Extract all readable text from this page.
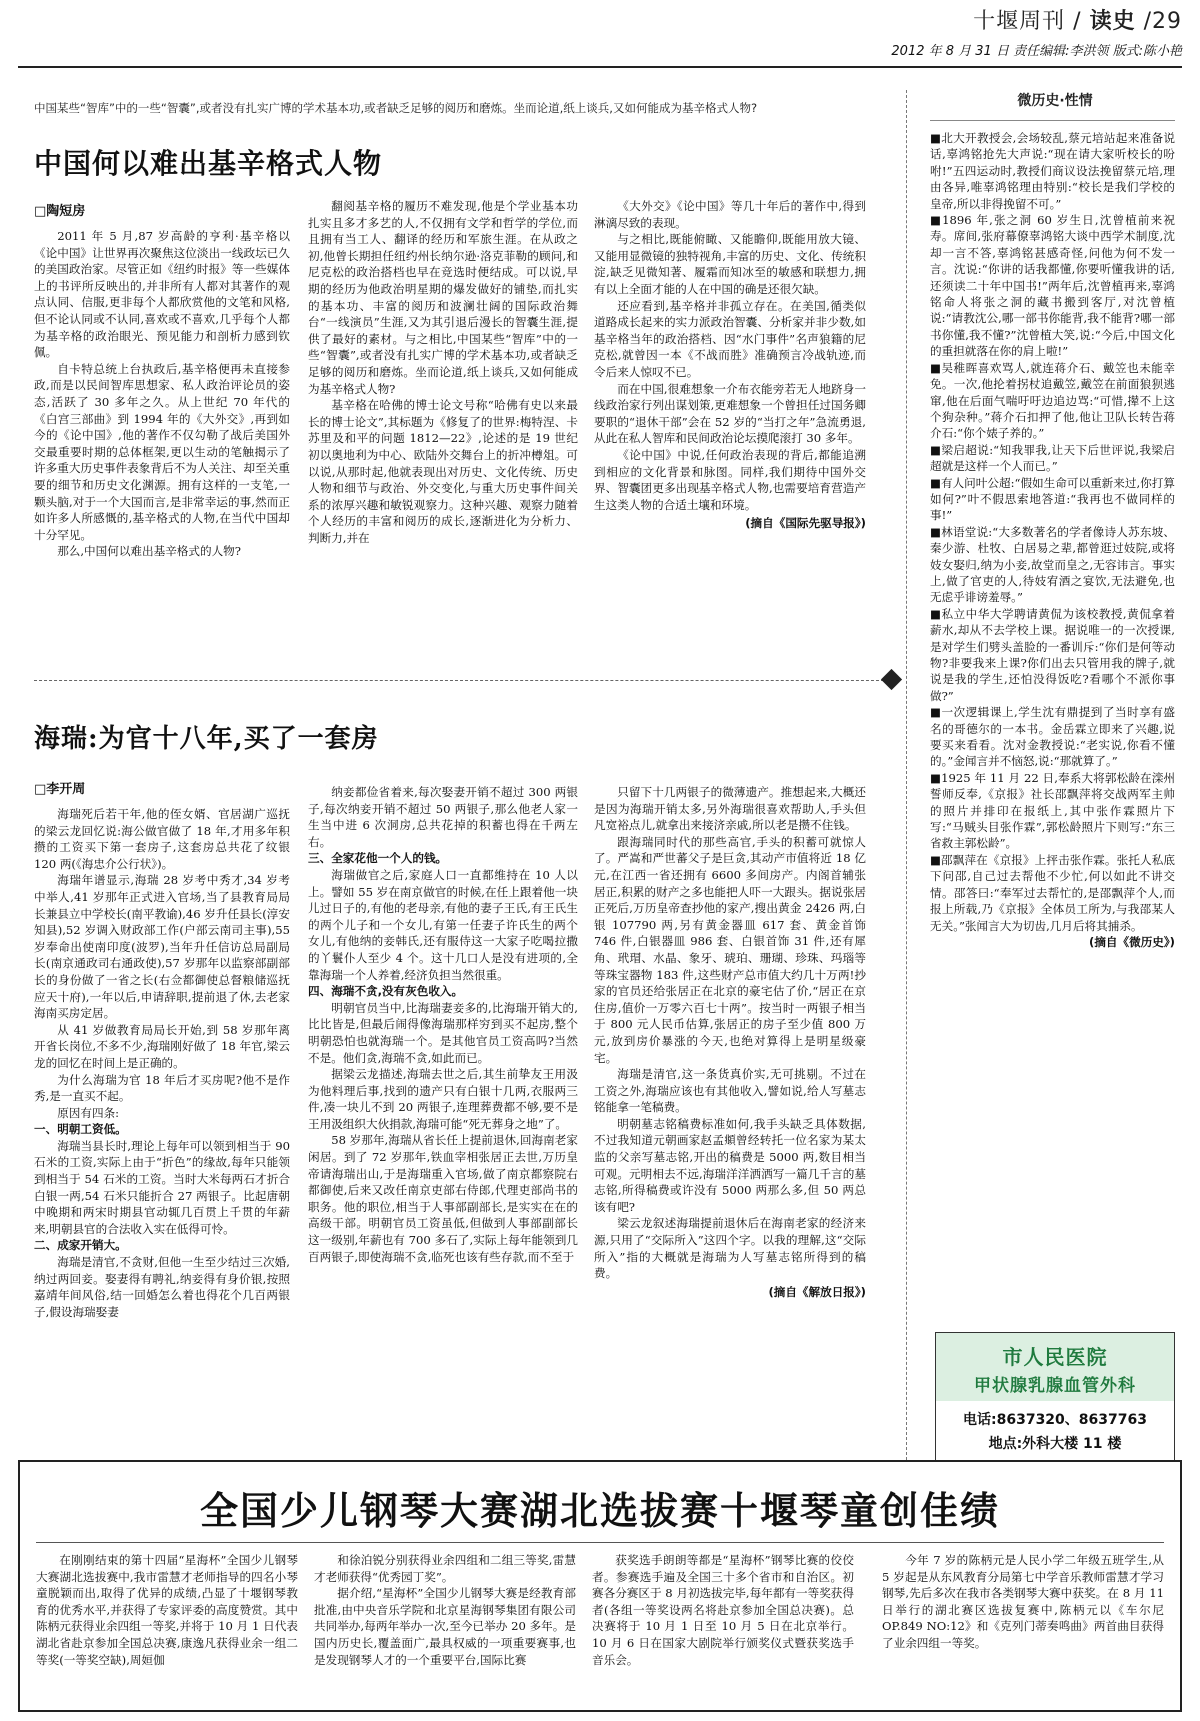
十堰周刊 / 读史 /29
2012 年 8 月 31 日 责任编辑:李洪领 版式:陈小艳
中国某些“智库”中的一些“智囊”,或者没有扎实广博的学术基本功,或者缺乏足够的阅历和磨炼。坐而论道,纸上谈兵,又如何能成为基辛格式人物?
中国何以难出基辛格式人物
□陶短房

2011 年 5 月,87 岁高龄的亨利·基辛格以《论中国》让世界再次聚焦这位淡出一线政坛已久的美国政治家。尽管正如《纽约时报》等一些媒体上的书评所反映出的,并非所有人都对其著作的观点认同、信服,更非每个人都欣赏他的文笔和风格,但不论认同或不认同,喜欢或不喜欢,几乎每个人都为基辛格的政治眼光、预见能力和剖析力感到钦佩。

自卡特总统上台执政后,基辛格便再未直接参政,而是以民间智库思想家、私人政治评论员的姿态,活跃了 30 多年之久。从上世纪 70 年代的《白宫三部曲》到 1994 年的《大外交》,再到如今的《论中国》,他的著作不仅勾勒了战后美国外交最重要时期的总体框架,更以生动的笔触揭示了许多重大历史事件表象背后不为人关注、却至关重要的细节和历史文化渊源。拥有这样的一支笔,一颗头脑,对于一个大国而言,是非常幸运的事,然而正如许多人所感慨的,基辛格式的人物,在当代中国却十分罕见。

那么,中国何以难出基辛格式的人物?

翻阅基辛格的履历不难发现,他是个学业基本功扎实且多才多艺的人,不仅拥有文学和哲学的学位,而且拥有当工人、翻译的经历和军旅生涯。在从政之初,他曾长期担任纽约州长纳尔逊·洛克菲勒的顾问,和尼克松的政治搭档也早在竞选时便结成。可以说,早期的经历为他政治明星期的爆发做好的铺垫,而扎实的基本功、丰富的阅历和波澜壮阔的国际政治舞台“一线演员”生涯,又为其引退后漫长的智囊生涯,提供了最好的素材。与之相比,中国某些“智库”中的一些“智囊”,或者没有扎实广博的学术基本功,或者缺乏足够的阅历和磨炼。坐而论道,纸上谈兵,又如何能成为基辛格式人物?

基辛格在哈佛的博士论文号称“哈佛有史以来最长的博士论文”,其标题为《修复了的世界:梅特涅、卡苏里及和平的问题 1812—22》,论述的是 19 世纪初以奥地利为中心、欧陆外交舞台上的折冲樽俎。可以说,从那时起,他就表现出对历史、文化传统、历史人物和细节与政治、外交变化,与重大历史事件间关系的浓厚兴趣和敏锐观察力。这种兴趣、观察力随着个人经历的丰富和阅历的成长,逐渐进化为分析力、判断力,并在

《大外交》《论中国》等几十年后的著作中,得到淋漓尽致的表现。

与之相比,既能俯瞰、又能瞻仰,既能用放大镜、又能用显微镜的独特视角,丰富的历史、文化、传统积淀,缺乏见微知著、履霜而知冰至的敏感和联想力,拥有以上全面才能的人在中国的确是还很欠缺。

还应看到,基辛格并非孤立存在。在美国,循类似道路成长起来的实力派政治智囊、分析家并非少数,如基辛格当年的政治搭档、因“水门事件”名声狼籍的尼克松,就曾因一本《不战而胜》准确预言冷战轨迹,而令后来人惊叹不已。

而在中国,很难想象一介布衣能旁若无人地跻身一线政治家行列出谋划策,更难想象一个曾担任过国务卿要职的“退休干部”会在 52 岁的“当打之年”急流勇退,从此在私人智库和民间政治论坛摸爬滚打 30 多年。

《论中国》中说,任何政治表现的背后,都能追溯到相应的文化背景和脉图。同样,我们期待中国外交界、智囊团更多出现基辛格式人物,也需要培育营造产生这类人物的合适土壤和环境。

(摘自《国际先驱导报》)

海瑞:为官十八年,买了一套房
□李开周

海瑞死后若干年,他的侄女婿、官居湖广巡抚的梁云龙回忆说:海公做官做了 18 年,才用多年积攒的工资买下第一套房子,这套房总共花了纹银 120 两(《海忠介公行状》)。

海瑞年谱显示,海瑞 28 岁考中秀才,34 岁考中举人,41 岁那年正式进入官场,当了县教育局局长兼县立中学校长(南平教谕),46 岁升任县长(淳安知县),52 岁调入财政部工作(户部云南司主事),55 岁奉命出使南印度(波罗),当年升任信访总局副局长(南京通政司右通政使),57 岁那年以监察部副部长的身份做了一省之长(右佥都御使总督粮储巡抚应天十府),一年以后,申请辞职,提前退了休,去老家海南买房定居。

从 41 岁做教育局局长开始,到 58 岁那年离开省长岗位,不多不少,海瑞刚好做了 18 年官,梁云龙的回忆在时间上是正确的。

为什么海瑞为官 18 年后才买房呢?他不是作秀,是一直买不起。

原因有四条:

一、明朝工资低。

海瑞当县长时,理论上每年可以领到相当于 90 石米的工资,实际上由于“折色”的缘故,每年只能领到相当于 54 石米的工资。当时大米每两石才折合白银一两,54 石米只能折合 27 两银子。比起唐朝中晚期和两宋时期县官动辄几百贯上千贯的年薪来,明朝县官的合法收入实在低得可怜。

二、成家开销大。

海瑞是清官,不贪财,但他一生至少结过三次婚,纳过两回妾。娶妻得有聘礼,纳妾得有身价银,按照嘉靖年间风俗,结一回婚怎么着也得花个几百两银子,假设海瑞娶妻

纳妾都俭省着来,每次娶妻开销不超过 300 两银子,每次纳妾开销不超过 50 两银子,那么他老人家一生当中进 6 次洞房,总共花掉的积蓄也得在千两左右。

三、全家花他一个人的钱。

海瑞做官之后,家庭人口一直都维持在 10 人以上。譬如 55 岁在南京做官的时候,在任上跟着他一块儿过日子的,有他的老母亲,有他的妻子王氏,有王氏生的两个儿子和一个女儿,有第一任妻子许氏生的两个女儿,有他纳的妾韩氏,还有服侍这一大家子吃喝拉撒的丫鬟仆人至少 4 个。这十几口人是没有进项的,全靠海瑞一个人养着,经济负担当然很重。

四、海瑞不贪,没有灰色收入。

明朝官员当中,比海瑞妻妾多的,比海瑞开销大的,比比皆是,但最后闹得像海瑞那样穷到买不起房,整个明朝恐怕也就海瑞一个。是其他官员工资高吗?当然不是。他们贪,海瑞不贪,如此而已。

据梁云龙描述,海瑞去世之后,其生前挚友王用汲为他料理后事,找到的遗产只有白银十几两,衣服两三件,凑一块儿不到 20 两银子,连理葬费都不够,要不是王用汲组织大伙捐款,海瑞可能“死无葬身之地”了。

58 岁那年,海瑞从省长任上提前退休,回海南老家闲居。到了 72 岁那年,铁血宰相张居正去世,万历皇帝请海瑞出山,于是海瑞重入官场,做了南京都察院右都御使,后来又改任南京吏部右侍郎,代理吏部尚书的职务。他的职位,相当于人事部副部长,是实实在在的高级干部。明朝官员工资虽低,但做到人事部副部长这一级别,年薪也有 700 多石了,实际上每年能领到几百两银子,即使海瑞不贪,临死也该有些存款,而不至于

只留下十几两银子的微薄遗产。推想起来,大概还是因为海瑞开销太多,另外海瑞很喜欢帮助人,手头但凡宽裕点儿,就拿出来接济亲戚,所以老是攒不住钱。

跟海瑞同时代的那些高官,手头的积蓄可就惊人了。严嵩和严世蕃父子是巨贪,其动产市值将近 18 亿元,在江西一省还拥有 6600 多间房产。内阁首辅张居正,积累的财产之多也能把人吓一大跟头。据说张居正死后,万历皇帝查抄他的家产,搜出黄金 2426 两,白银 107790 两,另有黄金器皿 617 套、黄金首饰 746 件,白银器皿 986 套、白银首饰 31 件,还有犀角、玳瑁、水晶、象牙、琥珀、珊瑚、珍珠、玛瑙等等珠宝器物 183 件,这些财产总市值大约几十万两!抄家的官员还给张居正在北京的豪宅估了价,“居正在京住房,值价一万零六百七十两”。按当时一两银子相当于 800 元人民币估算,张居正的房子至少值 800 万元,放到房价暴涨的今天,也绝对算得上是明星级豪宅。

海瑞是清官,这一条货真价实,无可挑剔。不过在工资之外,海瑞应该也有其他收入,譬如说,给人写墓志铭能拿一笔稿费。

明朝墓志铭稿费标准如何,我手头缺乏具体数据,不过我知道元朝画家赵孟頫曾经转托一位名家为某太监的父亲写墓志铭,开出的稿费是 5000 两,数目相当可观。元明相去不远,海瑞洋洋洒洒写一篇几千言的墓志铭,所得稿费或许没有 5000 两那么多,但 50 两总该有吧?

梁云龙叙述海瑞提前退休后在海南老家的经济来源,只用了“交际所入”这四个字。以我的理解,这“交际所入”指的大概就是海瑞为人写墓志铭所得到的稿费。

(摘自《解放日报》)

微历史·性情

■北大开教授会,会场较乱,蔡元培站起来准备说话,辜鸿铭抢先大声说:“现在请大家听校长的吩咐!”五四运动时,教授们商议设法挽留蔡元培,理由各异,唯辜鸿铭理由特别:“校长是我们学校的皇帝,所以非得挽留不可。”

■1896 年,张之洞 60 岁生日,沈曾植前来祝寿。席间,张府幕僚辜鸿铭大谈中西学术制度,沈却一言不答,辜鸿铭甚感奇怪,问他为何不发一言。沈说:“你讲的话我都懂,你要听懂我讲的话,还须读二十年中国书!”两年后,沈曾植再来,辜鸿铭命人将张之洞的藏书搬到客厅,对沈曾植说:“请教沈公,哪一部书你能背,我不能背?哪一部书你懂,我不懂?”沈曾植大笑,说:“今后,中国文化的重担就落在你的肩上啦!”

■吴稚晖喜欢骂人,就连蒋介石、戴笠也未能幸免。一次,他抡着拐杖追戴笠,戴笠在前面狼狈逃窜,他在后面气喘吁吁边追边骂:“可惜,撵不上这个狗杂种。”蒋介石扣押了他,他让卫队长转告蒋介石:“你个婊子养的。”

■梁启超说:“知我罪我,让天下后世评说,我梁启超就是这样一个人而已。”

■有人问叶公超:“假如生命可以重新来过,你打算如何?”叶不假思索地答道:“我再也不做同样的事!”

■林语堂说:“大多数著名的学者像诗人苏东坡、秦少游、杜牧、白居易之辈,都曾逛过妓院,或将妓女娶归,纳为小妾,故堂而皇之,无容讳言。事实上,做了官吏的人,待妓宥酒之宴饮,无法避免,也无虑乎诽谤羞辱。”

■私立中华大学聘请黄侃为该校教授,黄侃拿着薪水,却从不去学校上课。据说唯一的一次授课,是对学生们劈头盖脸的一番训斥:“你们是何等动物?非要我来上课?你们出去只管用我的牌子,就说是我的学生,还怕没得饭吃?看哪个不派你事做?”

■一次逻辑课上,学生沈有鼎提到了当时享有盛名的哥德尔的一本书。金岳霖立即来了兴趣,说要买来看看。沈对金教授说:“老实说,你看不懂的。”金闻言并不恼怒,说:“那就算了。”

■1925 年 11 月 22 日,奉系大将郭松龄在滦州誓师反奉,《京报》社长邵飘萍将交战两军主帅的照片并排印在报纸上,其中张作霖照片下写:“马贼头目张作霖”,郭松龄照片下则写:“东三省救主郭松龄”。

■邵飘萍在《京报》上抨击张作霖。张托人私底下问邵,自己过去帮他不少忙,何以如此不讲交情。邵答曰:“奉军过去帮忙的,是邵飘萍个人,而报上所载,乃《京报》全体员工所为,与我邵某人无关。”张闻言大为切齿,几月后将其捕杀。

(摘自《微历史》)

市人民医院
甲状腺乳腺血管外科
电话:8637320、8637763
地点:外科大楼 11 楼
全国少儿钢琴大赛湖北选拔赛十堰琴童创佳绩

在刚刚结束的第十四届“星海杯”全国少儿钢琴大赛湖北选拔赛中,我市雷慧才老师指导的四名小琴童脱颖而出,取得了优异的成绩,凸显了十堰钢琴教育的优秀水平,并获得了专家评委的高度赞赏。其中陈柄元获得业余四组一等奖,并将于 10 月 1 日代表湖北省赴京参加全国总决赛,康逸凡获得业余一组二等奖(一等奖空缺),周姮伽

和徐泊锐分别获得业余四组和二组三等奖,雷慧才老师获得“优秀园丁奖”。

据介绍,“星海杯”全国少儿钢琴大赛是经教育部批准,由中央音乐学院和北京星海钢琴集团有限公司共同举办,每两年举办一次,至今已举办 20 多年。是国内历史长,覆盖面广,最具权威的一项重要赛事,也是发现钢琴人才的一个重要平台,国际比赛

获奖选手朗朗等都是“星海杯”钢琴比赛的佼佼者。参赛选手遍及全国三十多个省市和自治区。初赛各分赛区于 8 月初选拔完毕,每年都有一等奖获得者(各组一等奖设两名将赴京参加全国总决赛)。总决赛将于 10 月 1 日至 10 月 5 日在北京举行。10 月 6 日在国家大剧院举行颁奖仪式暨获奖选手音乐会。

今年 7 岁的陈柄元是人民小学二年级五班学生,从 5 岁起是从东风教育分局第七中学音乐教师雷慧才学习钢琴,先后多次在我市各类钢琴大赛中获奖。在 8 月 11 日举行的湖北赛区选拔复赛中,陈柄元以《车尔尼 OP.849 NO:12》和《克列门蒂奏鸣曲》两首曲目获得了业余四组一等奖。
